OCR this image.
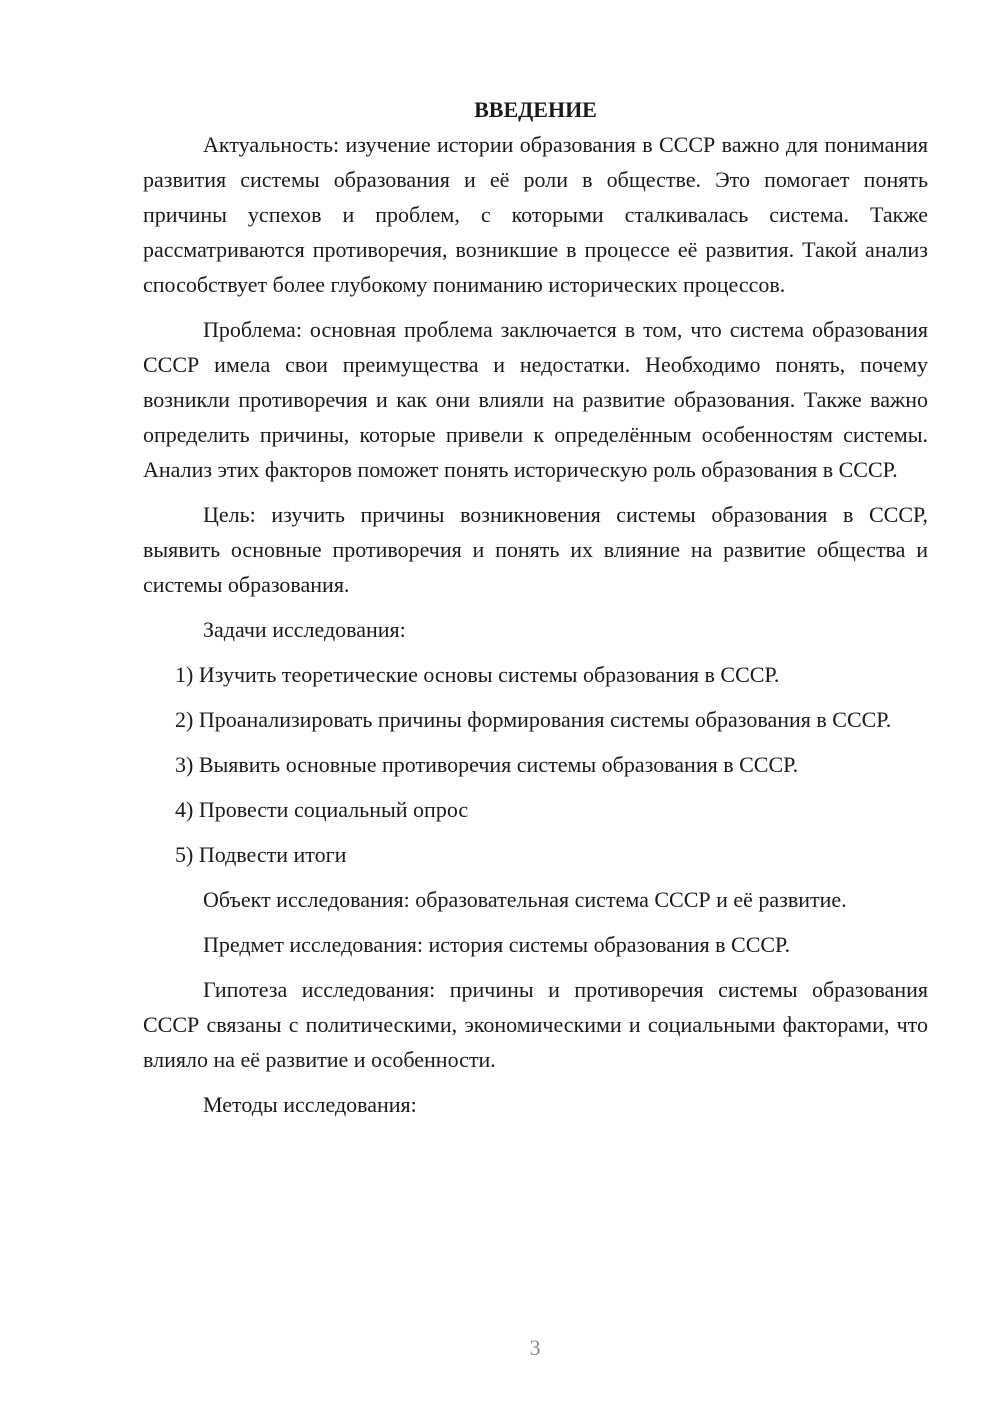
ВВЕДЕНИЕ

Актуальность: изучение истории образования в СССР важно для понимания развития системы образования и её роли в обществе. Это помогает понять причины успехов и проблем, с которыми сталкивалась система. Также рассматриваются противоречия, возникшие в процессе её развития. Такой анализ способствует более глубокому пониманию исторических процессов.

Проблема: основная проблема заключается в том, что система образования СССР имела свои преимущества и недостатки. Необходимо понять, почему возникли противоречия и как они влияли на развитие образования. Также важно определить причины, которые привели к определённым особенностям системы. Анализ этих факторов поможет понять историческую роль образования в СССР.

Цель: изучить причины возникновения системы образования в СССР, выявить основные противоречия и понять их влияние на развитие общества и системы образования.

Задачи исследования:

1) Изучить теоретические основы системы образования в СССР.

2) Проанализировать причины формирования системы образования в СССР.

3) Выявить основные противоречия системы образования в СССР.

4) Провести социальный опрос

5) Подвести итоги

Объект исследования: образовательная система СССР и её развитие.

Предмет исследования: история системы образования в СССР.

Гипотеза исследования: причины и противоречия системы образования СССР связаны с политическими, экономическими и социальными факторами, что влияло на её развитие и особенности.

Методы исследования:

3
